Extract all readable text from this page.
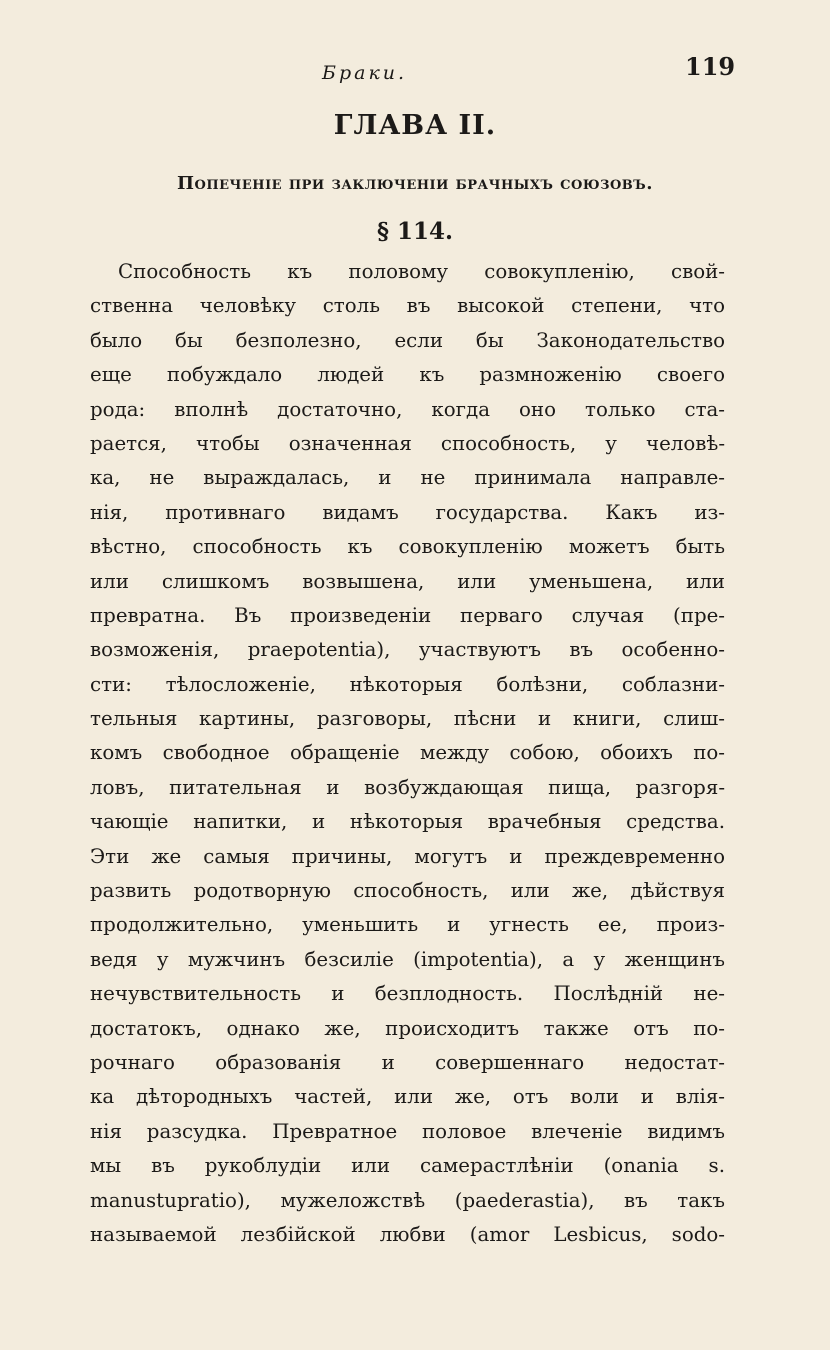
Браки.	119
ГЛАВА II.
Попеченіе при заключеніи брачныхъ союзовъ.
§ 114.
Способность къ половому совокупленію, свой-
ственна человѣку столь въ высокой степени, что
было бы безполезно, если бы Законодательство
еще побуждало людей къ размноженію своего
рода: вполнѣ достаточно, когда оно только ста-
рается, чтобы означенная способность, у человѣ-
ка, не выраждалась, и не принимала направле-
нія, противнаго видамъ государства. Какъ из-
вѣстно, способность къ совокупленію можетъ быть
или слишкомъ возвышена, или уменьшена, или
превратна. Въ произведеніи перваго случая (пре-
возможенія, praepotentia), участвуютъ въ особенно-
сти: тѣлосложеніе, нѣкоторыя болѣзни, соблазни-
тельныя картины, разговоры, пѣсни и книги, слиш-
комъ свободное обращеніе между собою, обоихъ по-
ловъ, питательная и возбуждающая пища, разгоря-
чающіе напитки, и нѣкоторыя врачебныя средства.
Эти же самыя причины, могутъ и преждевременно
развить родотворную способность, или же, дѣйствуя
продолжительно, уменьшить и угнесть ее, произ-
ведя у мужчинъ безсиліе (impotentia), а у женщинъ
нечувствительность и безплодность. Послѣдній не-
достатокъ, однако же, происходитъ также отъ по-
рочнаго образованія и совершеннаго недостат-
ка дѣтородныхъ частей, или же, отъ воли и влія-
нія разсудка. Превратное половое влеченіе видимъ
мы въ рукоблудіи или самерастлѣніи (onania s.
manustupratio), мужеложствѣ (paederastia), въ такъ
называемой лезбійской любви (amor Lesbicus, sodo-
